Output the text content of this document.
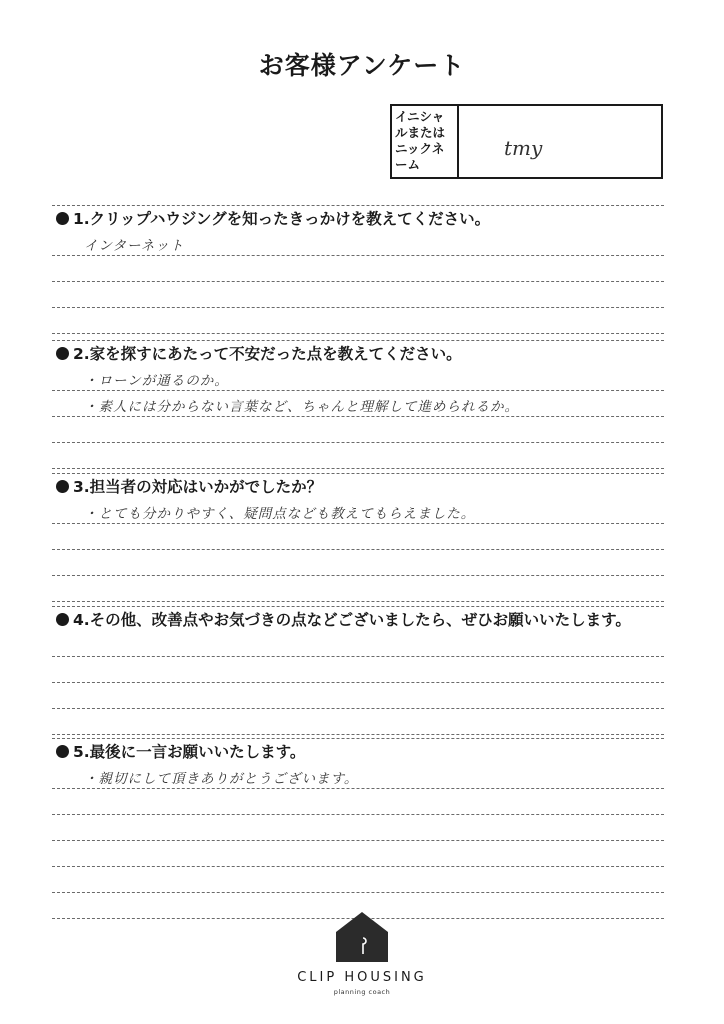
お客様アンケート
イニシャルまたはニックネーム
tmy
1.クリップハウジングを知ったきっかけを教えてください。
インターネット
2.家を探すにあたって不安だった点を教えてください。
・ローンが通るのか。
・素人には分からない言葉など、ちゃんと理解して進められるか。
3.担当者の対応はいかがでしたか？
・とても分かりやすく、疑問点なども教えてもらえました。
4.その他、改善点やお気づきの点などございましたら、ぜひお願いいたします。
5.最後に一言お願いいたします。
・親切にして頂きありがとうございます。
CLIP HOUSING
planning coach
